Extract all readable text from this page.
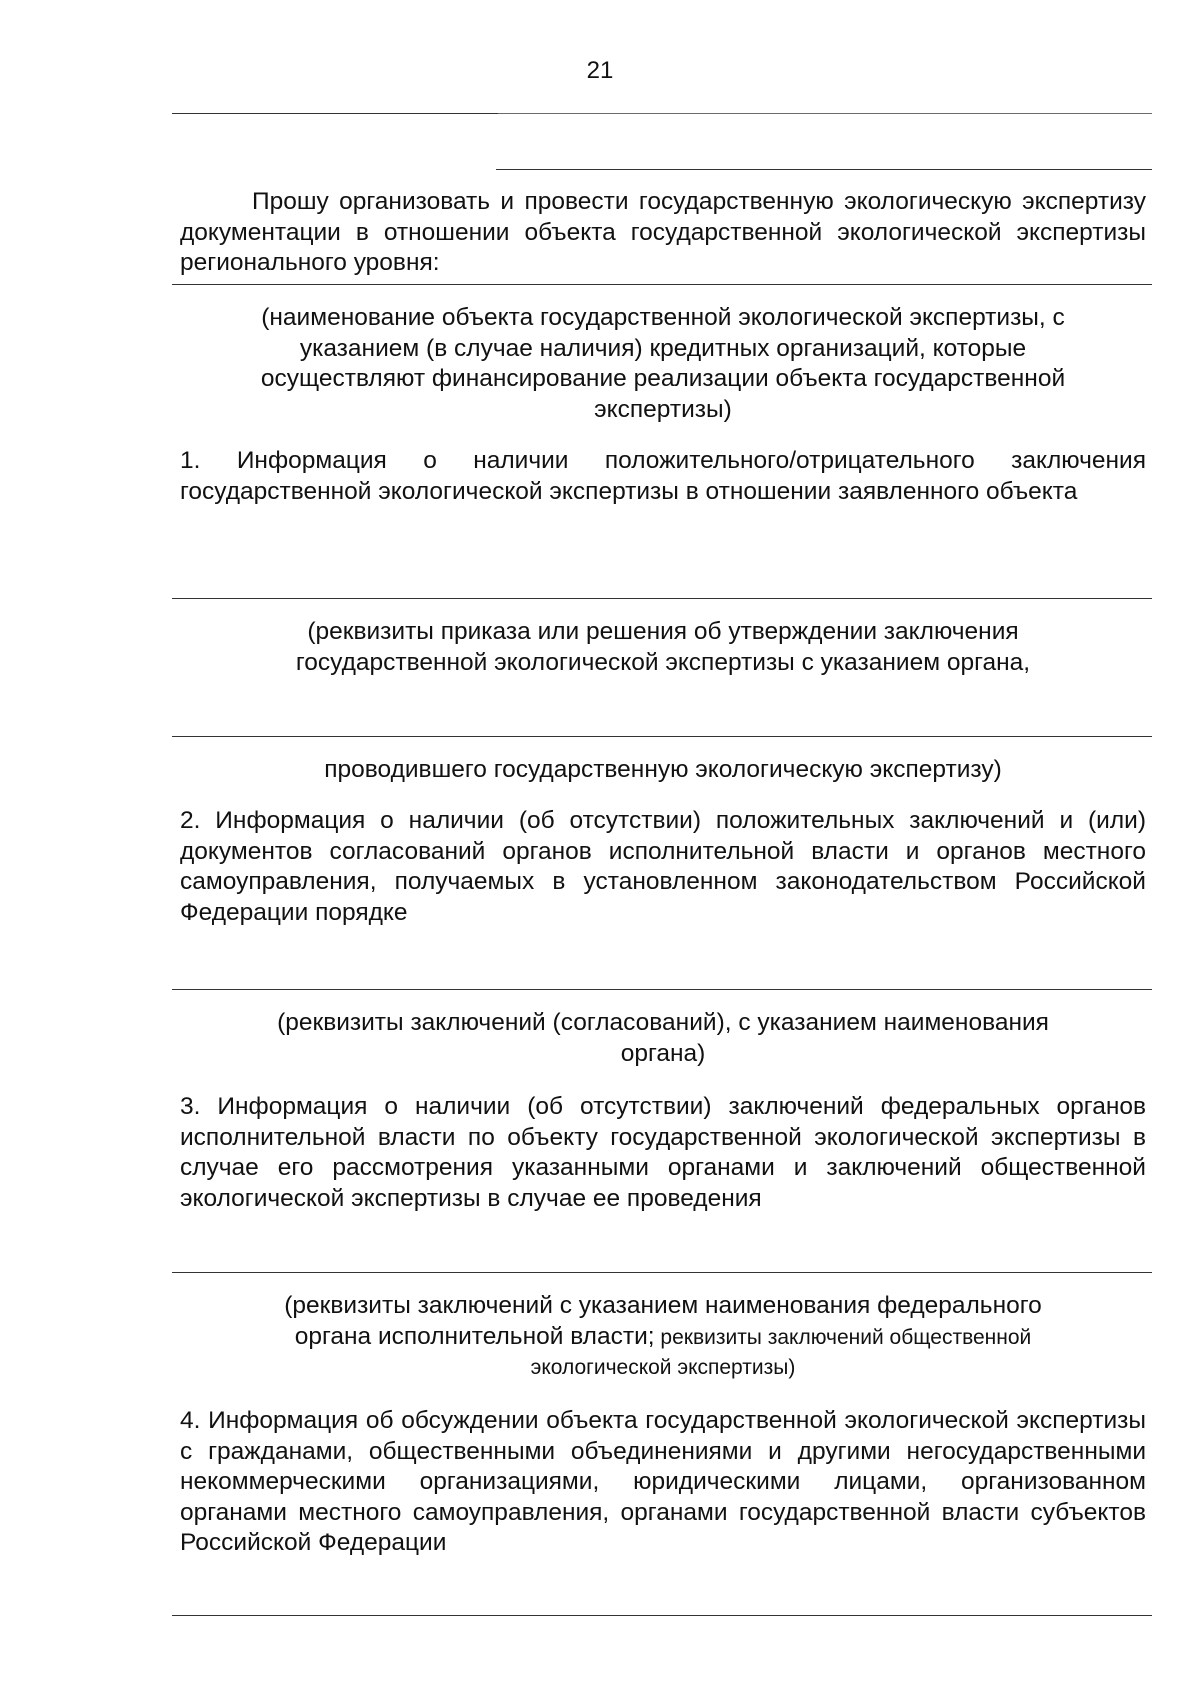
21

Прошу организовать и провести государственную экологическую экспертизу документации в отношении объекта государственной экологической экспертизы регионального уровня:

(наименование объекта государственной экологической экспертизы, с
указанием (в случае наличия) кредитных организаций, которые
осуществляют финансирование реализации объекта государственной
экспертизы)

1. Информация о наличии положительного/отрицательного заключения государственной экологической экспертизы в отношении заявленного объекта

(реквизиты приказа или решения об утверждении заключения
государственной экологической экспертизы с указанием органа,
проводившего государственную экологическую экспертизу)

2. Информация о наличии (об отсутствии) положительных заключений и (или) документов согласований органов исполнительной власти и органов местного самоуправления, получаемых в установленном законодательством Российской Федерации порядке

(реквизиты заключений (согласований), с указанием наименования
органа)

3. Информация о наличии (об отсутствии) заключений федеральных органов исполнительной власти по объекту государственной экологической экспертизы в случае его рассмотрения указанными органами и заключений общественной экологической экспертизы в случае ее проведения

(реквизиты заключений с указанием наименования федерального
органа исполнительной власти; реквизиты заключений общественной
экологической экспертизы)

4. Информация об обсуждении объекта государственной экологической экспертизы с гражданами, общественными объединениями и другими негосударственными некоммерческими организациями, юридическими лицами, организованном органами местного самоуправления, органами государственной власти субъектов Российской Федерации
